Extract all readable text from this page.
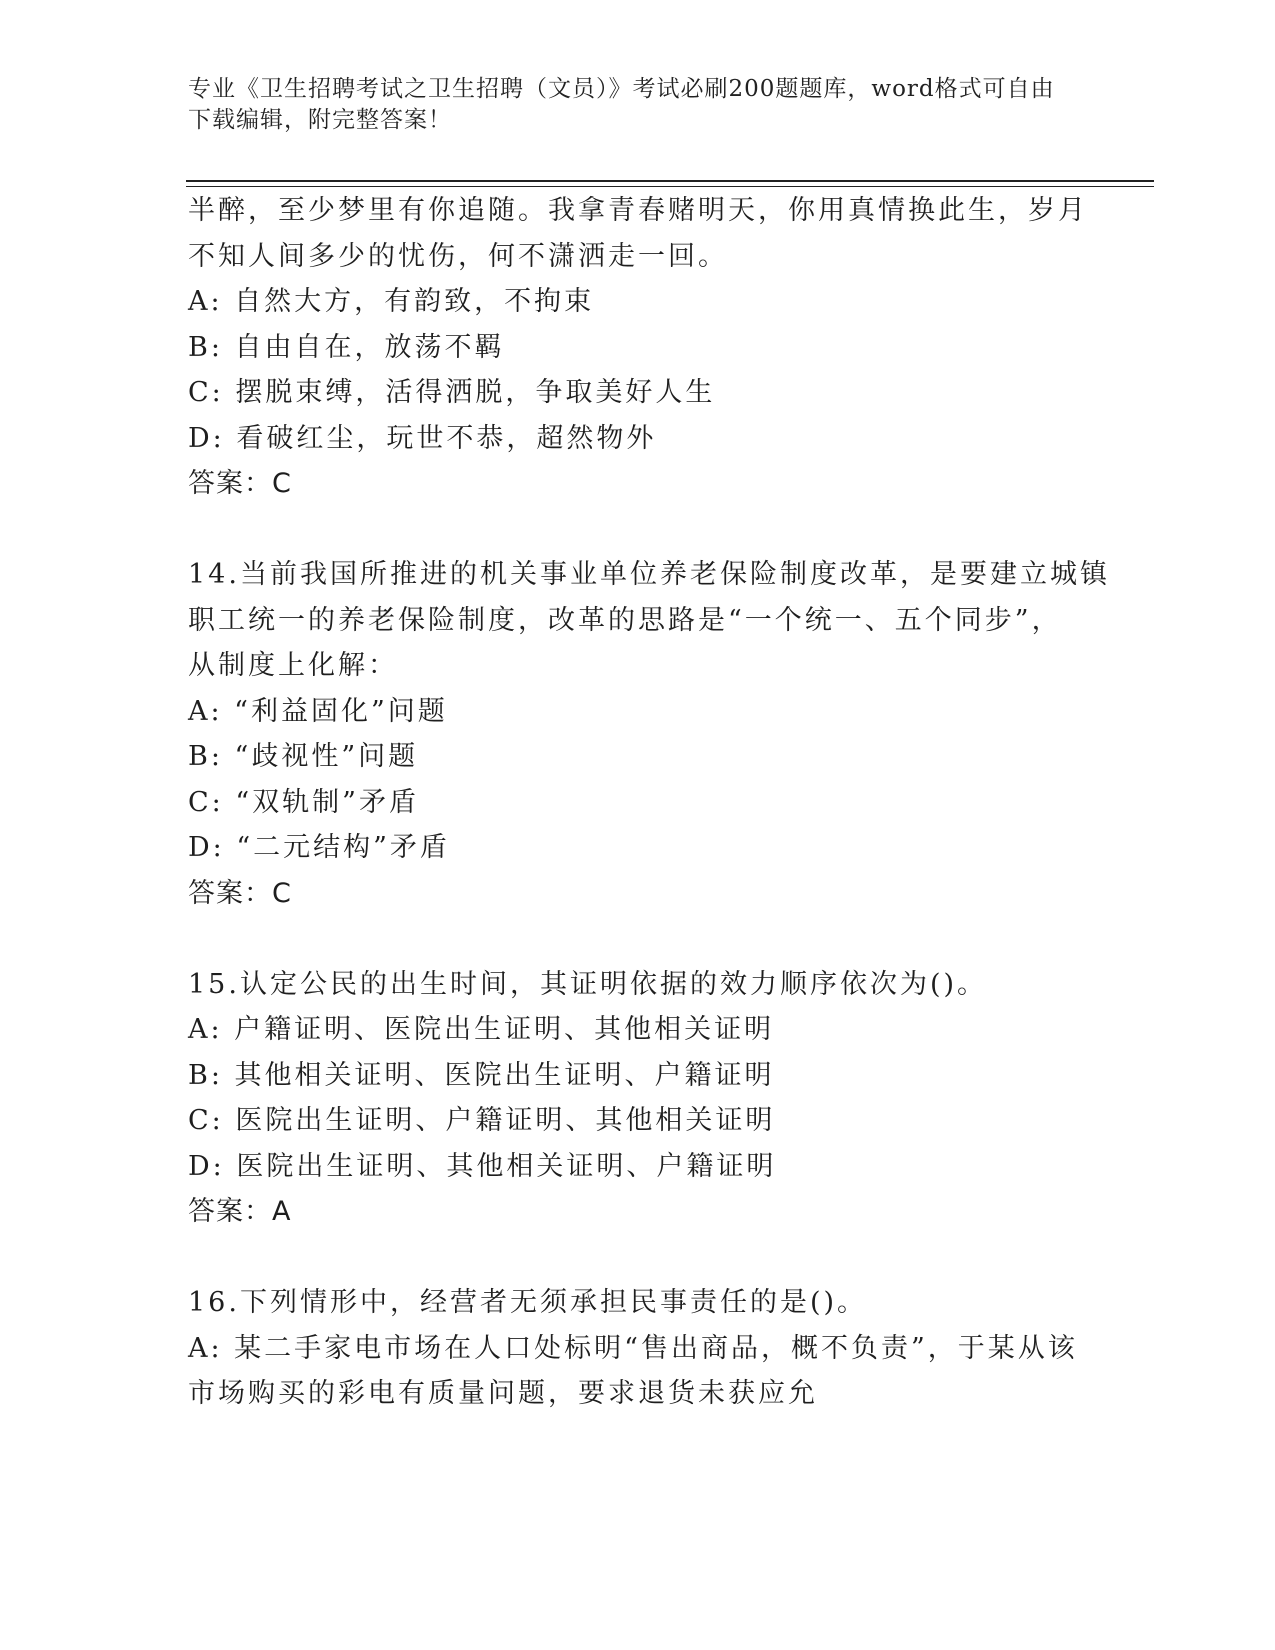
专业《卫生招聘考试之卫生招聘（文员）》考试必刷200题题库，word格式可自由下载编辑，附完整答案！
半醉，至少梦里有你追随。我拿青春赌明天，你用真情换此生，岁月
不知人间多少的忧伤，何不潇洒走一回。
A: 自然大方，有韵致，不拘束
B: 自由自在，放荡不羁
C: 摆脱束缚，活得洒脱，争取美好人生
D: 看破红尘，玩世不恭，超然物外
答案：C
14.当前我国所推进的机关事业单位养老保险制度改革，是要建立城镇
职工统一的养老保险制度，改革的思路是“一个统一、五个同步”，
从制度上化解：
A: “利益固化”问题
B: “歧视性”问题
C: “双轨制”矛盾
D: “二元结构”矛盾
答案：C
15.认定公民的出生时间，其证明依据的效力顺序依次为()。
A: 户籍证明、医院出生证明、其他相关证明
B: 其他相关证明、医院出生证明、户籍证明
C: 医院出生证明、户籍证明、其他相关证明
D: 医院出生证明、其他相关证明、户籍证明
答案：A
16.下列情形中，经营者无须承担民事责任的是()。
A: 某二手家电市场在人口处标明“售出商品，概不负责”，于某从该
市场购买的彩电有质量问题，要求退货未获应允
